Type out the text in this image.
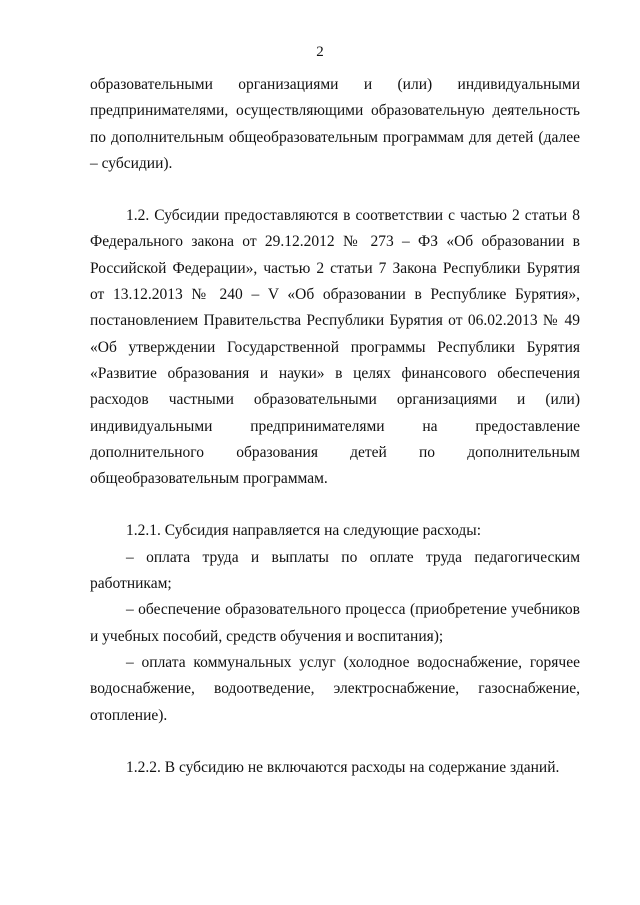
2

образовательными организациями и (или) индивидуальными предпринимателями, осуществляющими образовательную деятельность по дополнительным общеобразовательным программам для детей (далее – субсидии).

1.2. Субсидии предоставляются в соответствии с частью 2 статьи 8 Федерального закона от 29.12.2012 № 273 – ФЗ «Об образовании в Российской Федерации», частью 2 статьи 7 Закона Республики Бурятия от 13.12.2013 № 240 – V «Об образовании в Республике Бурятия», постановлением Правительства Республики Бурятия от 06.02.2013 № 49 «Об утверждении Государственной программы Республики Бурятия «Развитие образования и науки» в целях финансового обеспечения расходов частными образовательными организациями и (или) индивидуальными предпринимателями на предоставление дополнительного образования детей по дополнительным общеобразовательным программам.

1.2.1. Субсидия направляется на следующие расходы:

– оплата труда и выплаты по оплате труда педагогическим работникам;

– обеспечение образовательного процесса (приобретение учебников и учебных пособий, средств обучения и воспитания);

– оплата коммунальных услуг (холодное водоснабжение, горячее водоснабжение, водоотведение, электроснабжение, газоснабжение, отопление).

1.2.2. В субсидию не включаются расходы на содержание зданий.
